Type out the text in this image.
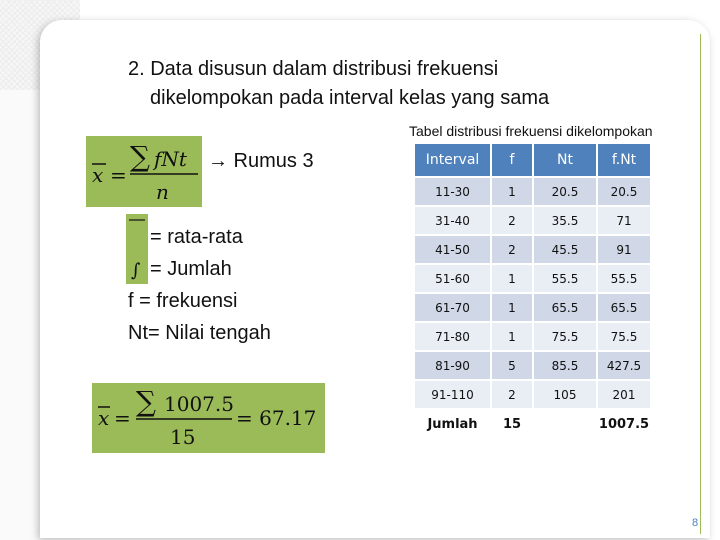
2. Data disusun dalam distribusi frekuensi
dikelompokan pada interval kelas yang sama
x =
∑ fNt
n
→ Rumus 3
∫
= rata-rata
= Jumlah
f = frekuensi
Nt= Nilai tengah
x = ∑ 1007.5
15
= 67.17
Tabel distribusi frekuensi dikelompokan
Interval	f	Nt	f.Nt
11-30	1	20.5	20.5
31-40	2	35.5	71
41-50	2	45.5	91
51-60	1	55.5	55.5
61-70	1	65.5	65.5
71-80	1	75.5	75.5
81-90	5	85.5	427.5
91-110	2	105	201
Jumlah	15		1007.5
8
